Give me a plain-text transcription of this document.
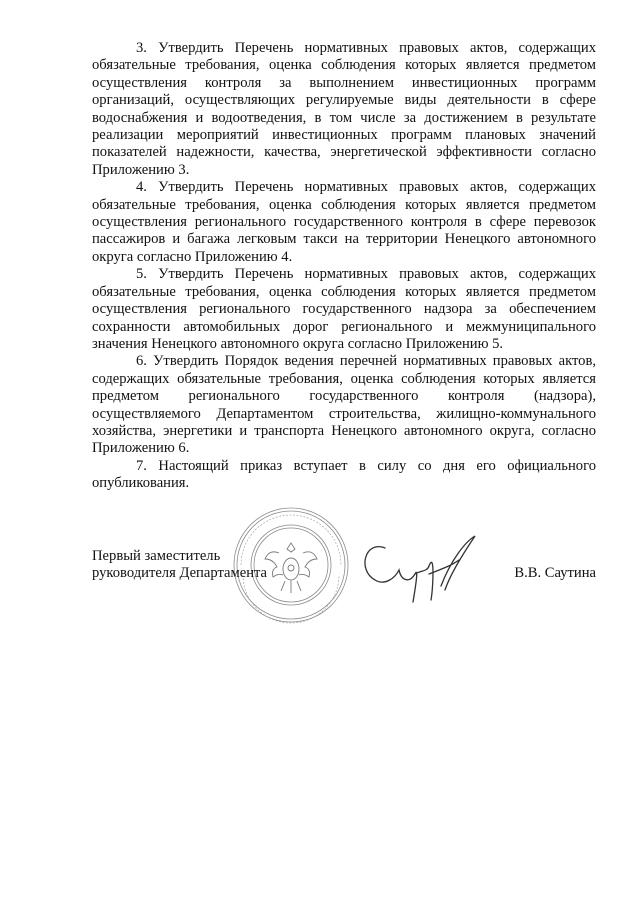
3. Утвердить Перечень нормативных правовых актов, содержащих обязательные требования, оценка соблюдения которых является предметом осуществления контроля за выполнением инвестиционных программ организаций, осуществляющих регулируемые виды деятельности в сфере водоснабжения и водоотведения, в том числе за достижением в результате реализации мероприятий инвестиционных программ плановых значений показателей надежности, качества, энергетической эффективности согласно Приложению 3.

4. Утвердить Перечень нормативных правовых актов, содержащих обязательные требования, оценка соблюдения которых является предметом осуществления регионального государственного контроля в сфере перевозок пассажиров и багажа легковым такси на территории Ненецкого автономного округа согласно Приложению 4.

5. Утвердить Перечень нормативных правовых актов, содержащих обязательные требования, оценка соблюдения которых является предметом осуществления регионального государственного надзора за обеспечением сохранности автомобильных дорог регионального и межмуниципального значения Ненецкого автономного округа согласно Приложению 5.

6. Утвердить Порядок ведения перечней нормативных правовых актов, содержащих обязательные требования, оценка соблюдения которых является предметом регионального государственного контроля (надзора), осуществляемого Департаментом строительства, жилищно-коммунального хозяйства, энергетики и транспорта Ненецкого автономного округа, согласно Приложению 6.

7. Настоящий приказ вступает в силу со дня его официального опубликования.

Первый заместитель
руководителя Департамента	В.В. Саутина
